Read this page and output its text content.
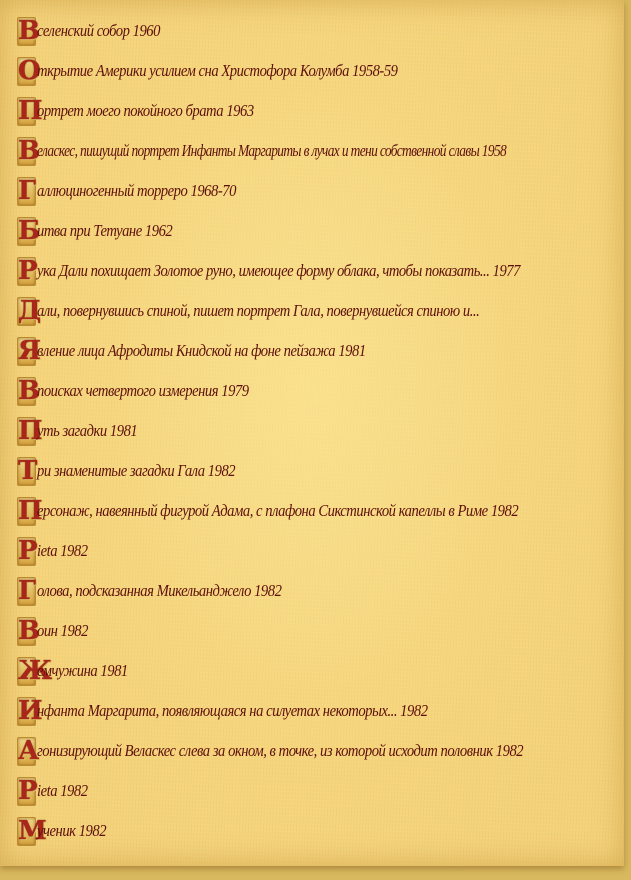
В
селенский собор 1960
О
ткрытие Америки усилием сна Христофора Колумба 1958-59
П
ортрет моего покойного брата 1963
В
еласкес, пишущий портрет Инфанты Маргариты в лучах и тени собственной славы 1958
Г аллюциногенный торреро 1968-70
Б
итва при Тетуане 1962
Р ука Дали похищает Золотое руно, имеющее форму облака, чтобы показать... 1977
Д
али, повернувшись спиной, пишет портрет Гала, повернувшейся спиною и...
Я
вление лица Афродиты Книдской на фоне пейзажа 1981
В
поисках четвертого измерения 1979
П
уть загадки 1981
Т ри знаменитые загадки Гала 1982
П
ерсонаж, навеянный фигурой Адама, с плафона Сикстинской капеллы в Риме 1982
P ieta 1982
Г олова, подсказанная Микельанджело 1982
В
оин 1982
Ж
емчужина 1981
И
нфанта Маргарита, появляющаяся на силуетах некоторых... 1982
А
гонизирующий Веласкес слева за окном, в точке, из которой исходит половник 1982
P ieta 1982
М
ученик 1982
